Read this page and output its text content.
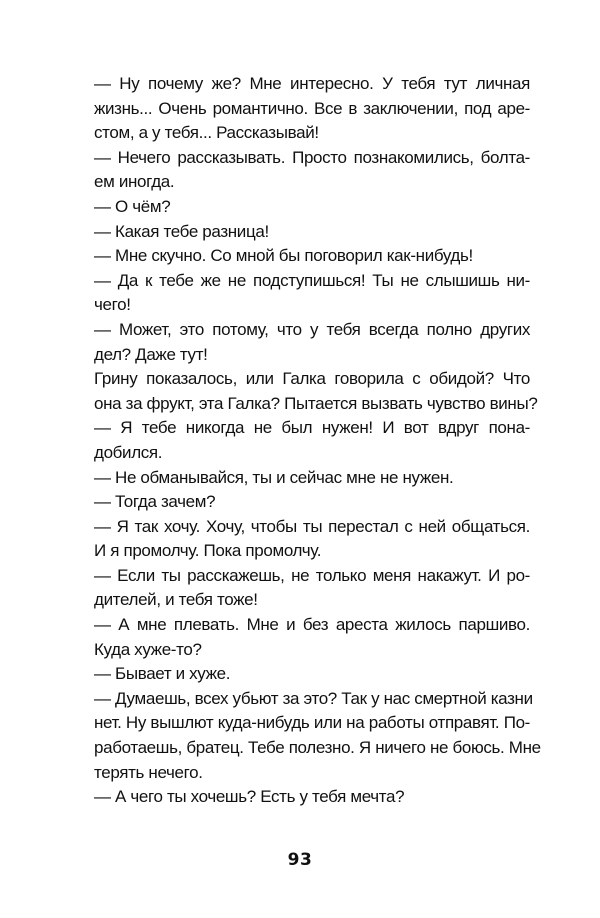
— Ну почему же? Мне интересно. У тебя тут личная
жизнь... Очень романтично. Все в заключении, под аре-
стом, а у тебя... Рассказывай!

— Нечего рассказывать. Просто познакомились, болта-
ем иногда.

— О чём?

— Какая тебе разница!

— Мне скучно. Со мной бы поговорил как-нибудь!

— Да к тебе же не подступишься! Ты не слышишь ни-
чего!

— Может, это потому, что у тебя всегда полно других
дел? Даже тут!

Грину показалось, или Галка говорила с обидой? Что
она за фрукт, эта Галка? Пытается вызвать чувство вины?

— Я тебе никогда не был нужен! И вот вдруг пона-
добился.

— Не обманывайся, ты и сейчас мне не нужен.

— Тогда зачем?

— Я так хочу. Хочу, чтобы ты перестал с ней общаться.
И я промолчу. Пока промолчу.

— Если ты расскажешь, не только меня накажут. И ро-
дителей, и тебя тоже!

— А мне плевать. Мне и без ареста жилось паршиво.
Куда хуже-то?

— Бывает и хуже.

— Думаешь, всех убьют за это? Так у нас смертной казни
нет. Ну вышлют куда-нибудь или на работы отправят. По-
работаешь, братец. Тебе полезно. Я ничего не боюсь. Мне
терять нечего.

— А чего ты хочешь? Есть у тебя мечта?

93
